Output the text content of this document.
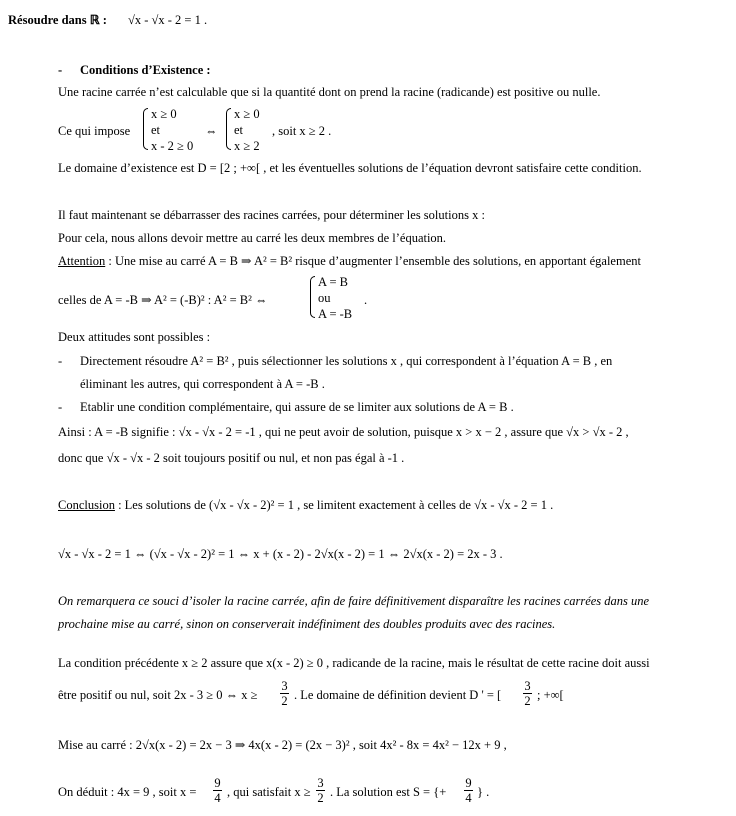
Résoudre dans ℝ : √x - √x - 2 = 1 .
- Conditions d’Existence :
Une racine carrée n’est calculable que si la quantité dont on prend la racine (radicande) est positive ou nulle.
Ce qui impose
x ≥ 0
et
x - 2 ≥ 0
⇔
x ≥ 0
et
x ≥ 2
, soit x ≥ 2 .
Le domaine d’existence est D = [2 ; +∞[ , et les éventuelles solutions de l’équation devront satisfaire cette condition.
Il faut maintenant se débarrasser des racines carrées, pour déterminer les solutions x :
Pour cela, nous allons devoir mettre au carré les deux membres de l’équation.
Attention : Une mise au carré A = B ⇒ A² = B² risque d’augmenter l’ensemble des solutions, en apportant également
celles de A = -B ⇒ A² = (-B)² : A² = B² ⇔
A = B
ou
A = -B
.
Deux attitudes sont possibles :
- Directement résoudre A² = B² , puis sélectionner les solutions x , qui correspondent à l’équation A = B , en
éliminant les autres, qui correspondent à A = -B .
- Etablir une condition complémentaire, qui assure de se limiter aux solutions de A = B .
Ainsi : A = -B signifie : √x - √x - 2 = -1 , qui ne peut avoir de solution, puisque x > x − 2 , assure que √x > √x - 2 ,
donc que √x - √x - 2 soit toujours positif ou nul, et non pas égal à -1 .
Conclusion : Les solutions de (√x - √x - 2)² = 1 , se limitent exactement à celles de √x - √x - 2 = 1 .
√x - √x - 2 = 1 ⇔ (√x - √x - 2)² = 1 ⇔ x + (x - 2) - 2√x(x - 2) = 1 ⇔ 2√x(x - 2) = 2x - 3 .
On remarquera ce souci d’isoler la racine carrée, afin de faire définitivement disparaître les racines carrées dans une
prochaine mise au carré, sinon on conserverait indéfiniment des doubles produits avec des racines.
La condition précédente x ≥ 2 assure que x(x - 2) ≥ 0 , radicande de la racine, mais le résultat de cette racine doit aussi
être positif ou nul, soit 2x - 3 ≥ 0 ⇔ $x \ge \frac{3}{2}$ . Le domaine de définition devient D ' = [ $\frac{3}{2}$ ; +∞[
Mise au carré : 2√x(x - 2) = 2x − 3 ⇒ 4x(x - 2) = (2x − 3)² , soit 4x² - 8x = 4x² − 12x + 9 ,
On déduit : 4x = 9 , soit $x = \frac{9}{4}$ , qui satisfait $x \ge \frac{3}{2}$ . La solution est S = {+ $\frac{9}{4}$ } .
